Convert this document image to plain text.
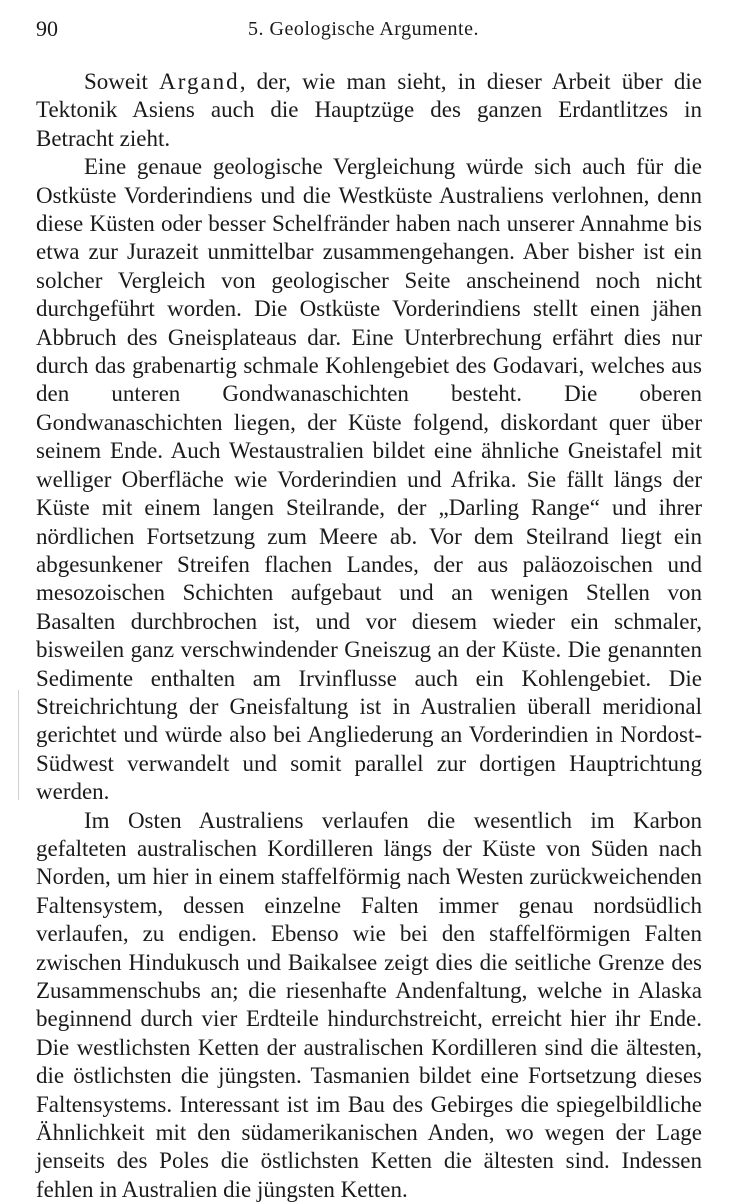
90	5. Geologische Argumente.

Soweit Argand, der, wie man sieht, in dieser Arbeit über die Tektonik Asiens auch die Hauptzüge des ganzen Erdantlitzes in Betracht zieht.

Eine genaue geologische Vergleichung würde sich auch für die Ostküste Vorderindiens und die Westküste Australiens verlohnen, denn diese Küsten oder besser Schelfränder haben nach unserer Annahme bis etwa zur Jurazeit unmittelbar zusammengehangen. Aber bisher ist ein solcher Vergleich von geologischer Seite anscheinend noch nicht durchgeführt worden. Die Ostküste Vorderindiens stellt einen jähen Abbruch des Gneisplateaus dar. Eine Unterbrechung erfährt dies nur durch das grabenartig schmale Kohlengebiet des Godavari, welches aus den unteren Gondwanaschichten besteht. Die oberen Gondwanaschichten liegen, der Küste folgend, diskordant quer über seinem Ende. Auch Westaustralien bildet eine ähnliche Gneistafel mit welliger Oberfläche wie Vorderindien und Afrika. Sie fällt längs der Küste mit einem langen Steilrande, der „Darling Range“ und ihrer nördlichen Fortsetzung zum Meere ab. Vor dem Steilrand liegt ein abgesunkener Streifen flachen Landes, der aus paläozoischen und mesozoischen Schichten aufgebaut und an wenigen Stellen von Basalten durchbrochen ist, und vor diesem wieder ein schmaler, bisweilen ganz verschwindender Gneiszug an der Küste. Die genannten Sedimente enthalten am Irvinflusse auch ein Kohlengebiet. Die Streichrichtung der Gneisfaltung ist in Australien überall meridional gerichtet und würde also bei Angliederung an Vorderindien in Nordost-Südwest verwandelt und somit parallel zur dortigen Hauptrichtung werden.

Im Osten Australiens verlaufen die wesentlich im Karbon gefalteten australischen Kordilleren längs der Küste von Süden nach Norden, um hier in einem staffelförmig nach Westen zurückweichenden Faltensystem, dessen einzelne Falten immer genau nordsüdlich verlaufen, zu endigen. Ebenso wie bei den staffelförmigen Falten zwischen Hindukusch und Baikalsee zeigt dies die seitliche Grenze des Zusammenschubs an; die riesenhafte Andenfaltung, welche in Alaska beginnend durch vier Erdteile hindurchstreicht, erreicht hier ihr Ende. Die westlichsten Ketten der australischen Kordilleren sind die ältesten, die östlichsten die jüngsten. Tasmanien bildet eine Fortsetzung dieses Faltensystems. Interessant ist im Bau des Gebirges die spiegelbildliche Ähnlichkeit mit den südamerikanischen Anden, wo wegen der Lage jenseits des Poles die östlichsten Ketten die ältesten sind. Indessen fehlen in Australien die jüngsten Ketten.
